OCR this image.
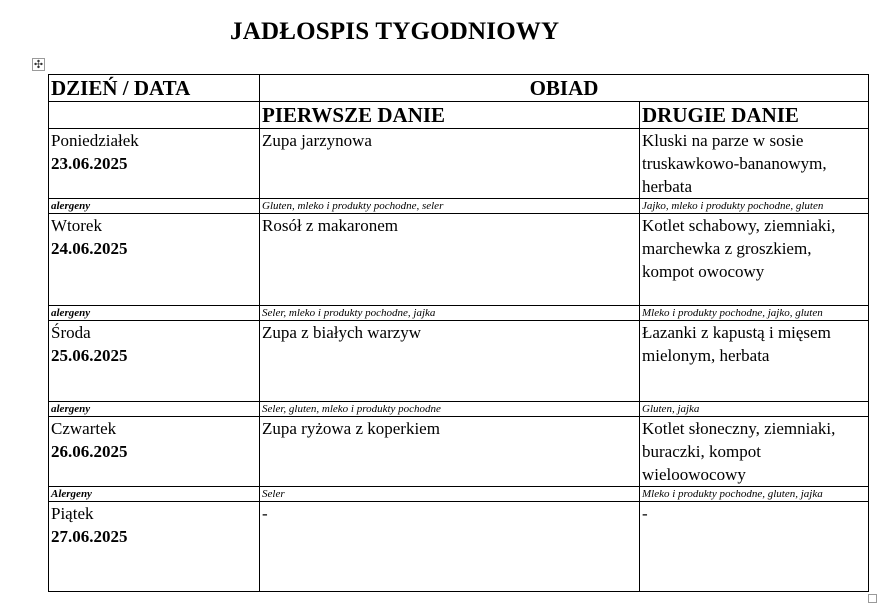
JADŁOSPIS TYGODNIOWY
✣
DZIEŃ / DATA	OBIAD	
	PIERWSZE DANIE	DRUGIE DANIE

Poniedziałek
23.06.2025	Zupa jarzynowa	Kluski na parze w sosie truskawkowo-bananowym, herbata
alergeny	Gluten, mleko i produkty pochodne, seler	Jajko, mleko i produkty pochodne, gluten

Wtorek
24.06.2025	Rosół z makaronem	Kotlet schabowy, ziemniaki, marchewka z groszkiem, kompot owocowy
alergeny	Seler, mleko i produkty pochodne, jajka	Mleko i produkty pochodne, jajko, gluten

Środa
25.06.2025	Zupa z białych warzyw	Łazanki z kapustą i mięsem mielonym, herbata
alergeny	Seler, gluten, mleko i produkty pochodne	Gluten, jajka

Czwartek
26.06.2025	Zupa ryżowa z koperkiem	Kotlet słoneczny, ziemniaki, buraczki, kompot wieloowocowy
Alergeny	Seler	Mleko i produkty pochodne, gluten, jajka

Piątek
27.06.2025	-	-
